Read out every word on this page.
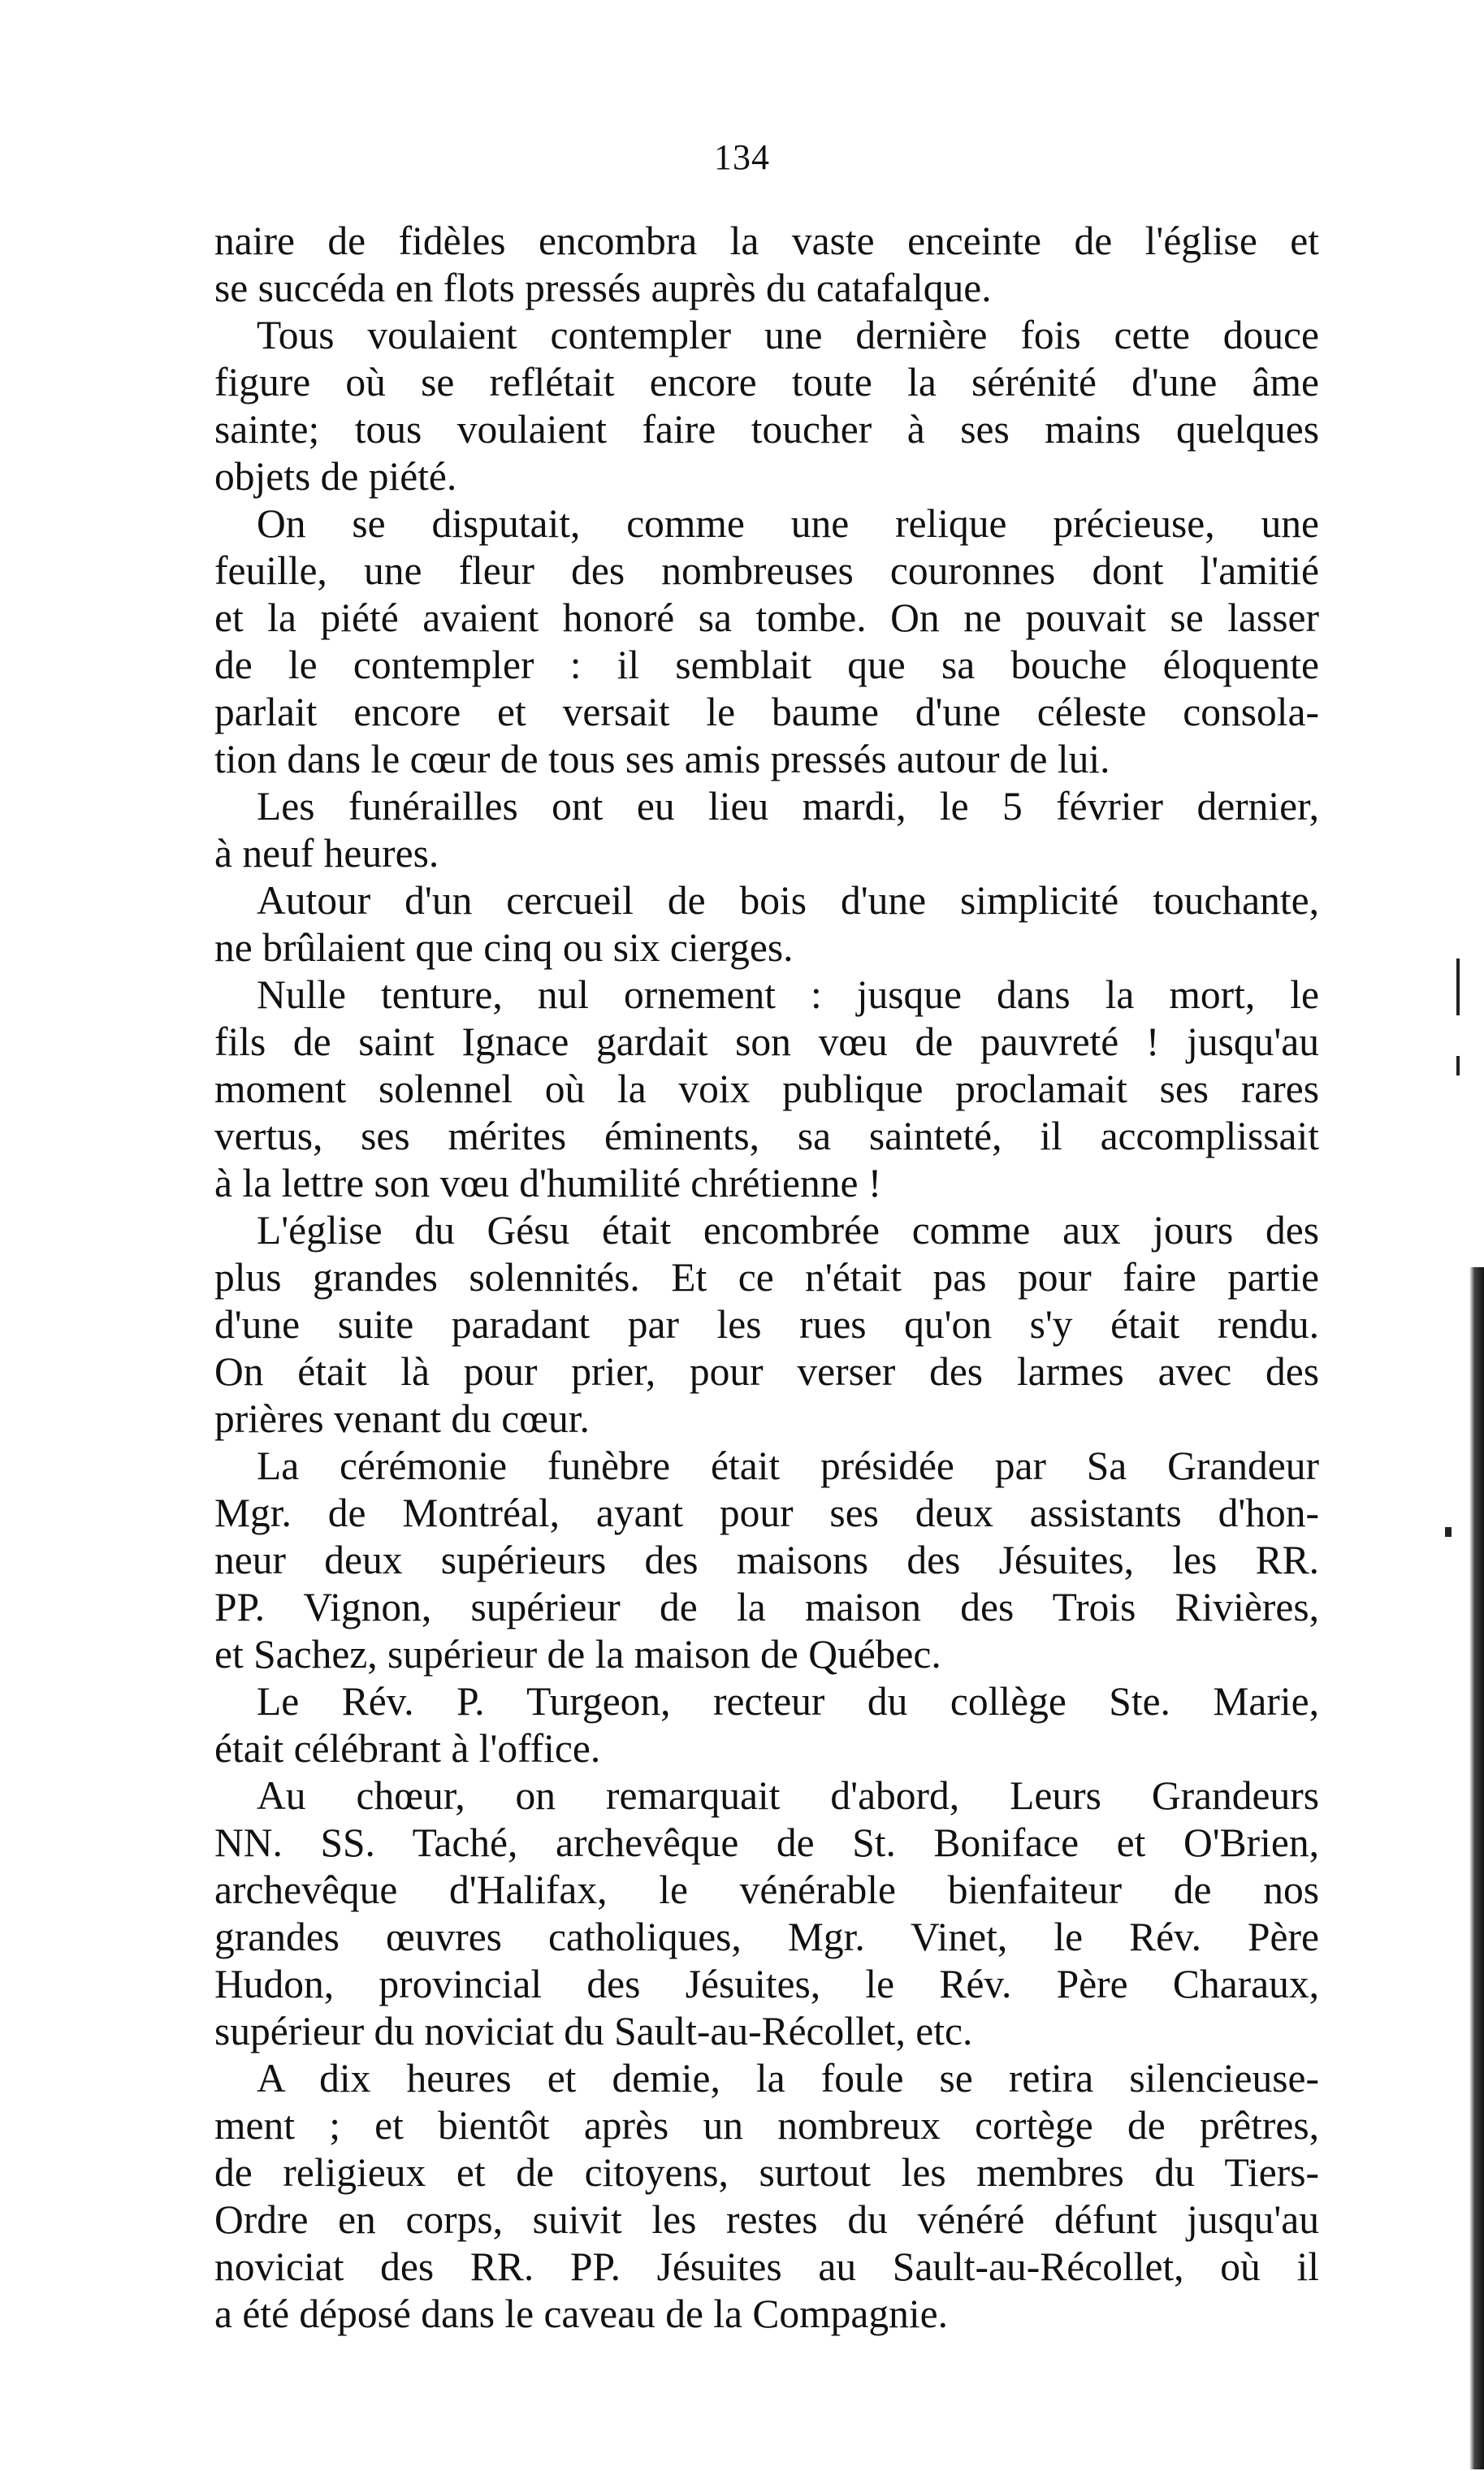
134
naire de fidèles encombra la vaste enceinte de l'église et
se succéda en flots pressés auprès du catafalque.
Tous voulaient contempler une dernière fois cette douce
figure où se reflétait encore toute la sérénité d'une âme
sainte; tous voulaient faire toucher à ses mains quelques
objets de piété.
On se disputait, comme une relique précieuse, une
feuille, une fleur des nombreuses couronnes dont l'amitié
et la piété avaient honoré sa tombe. On ne pouvait se lasser
de le contempler : il semblait que sa bouche éloquente
parlait encore et versait le baume d'une céleste consola-
tion dans le cœur de tous ses amis pressés autour de lui.
Les funérailles ont eu lieu mardi, le 5 février dernier,
à neuf heures.
Autour d'un cercueil de bois d'une simplicité touchante,
ne brûlaient que cinq ou six cierges.
Nulle tenture, nul ornement : jusque dans la mort, le
fils de saint Ignace gardait son vœu de pauvreté ! jusqu'au
moment solennel où la voix publique proclamait ses rares
vertus, ses mérites éminents, sa sainteté, il accomplissait
à la lettre son vœu d'humilité chrétienne !
L'église du Gésu était encombrée comme aux jours des
plus grandes solennités. Et ce n'était pas pour faire partie
d'une suite paradant par les rues qu'on s'y était rendu.
On était là pour prier, pour verser des larmes avec des
prières venant du cœur.
La cérémonie funèbre était présidée par Sa Grandeur
Mgr. de Montréal, ayant pour ses deux assistants d'hon-
neur deux supérieurs des maisons des Jésuites, les RR.
PP. Vignon, supérieur de la maison des Trois Rivières,
et Sachez, supérieur de la maison de Québec.
Le Rév. P. Turgeon, recteur du collège Ste. Marie,
était célébrant à l'office.
Au chœur, on remarquait d'abord, Leurs Grandeurs
NN. SS. Taché, archevêque de St. Boniface et O'Brien,
archevêque d'Halifax, le vénérable bienfaiteur de nos
grandes œuvres catholiques, Mgr. Vinet, le Rév. Père
Hudon, provincial des Jésuites, le Rév. Père Charaux,
supérieur du noviciat du Sault-au-Récollet, etc.
A dix heures et demie, la foule se retira silencieuse-
ment ; et bientôt après un nombreux cortège de prêtres,
de religieux et de citoyens, surtout les membres du Tiers-
Ordre en corps, suivit les restes du vénéré défunt jusqu'au
noviciat des RR. PP. Jésuites au Sault-au-Récollet, où il
a été déposé dans le caveau de la Compagnie.
